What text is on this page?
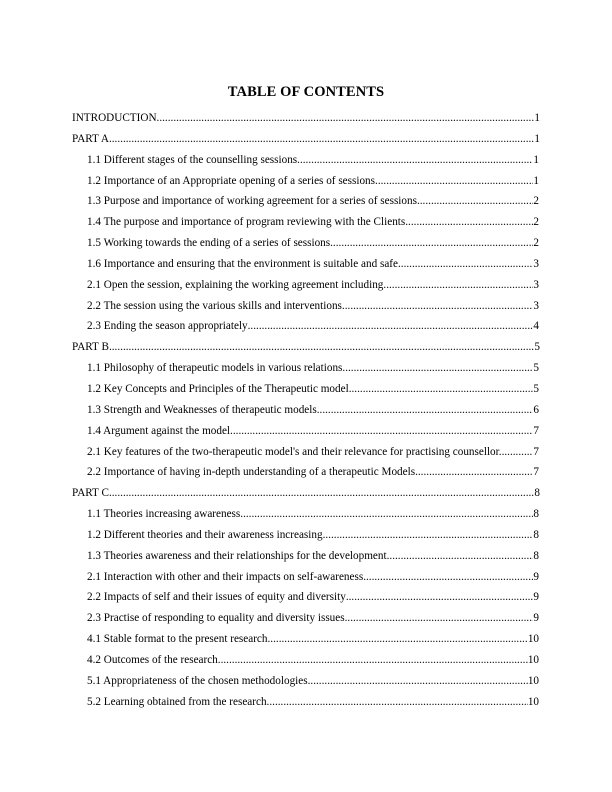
TABLE OF CONTENTS
INTRODUCTION .....	1
PART A .....	1
1.1 Different stages of the counselling sessions .....	1
1.2 Importance of an Appropriate opening of a series of sessions .....	1
1.3 Purpose and importance of working agreement for a series of sessions .....	2
1.4 The purpose and importance of program reviewing with the Clients .....	2
1.5 Working towards the ending of a series of sessions .....	2
1.6 Importance and ensuring that the environment is suitable and safe .....	3
2.1 Open the session, explaining the working agreement including .....	3
2.2 The session using the various skills and interventions .....	3
2.3 Ending the season appropriately .....	4
PART B .....	5
1.1 Philosophy of therapeutic models in various relations .....	5
1.2 Key Concepts and Principles of the Therapeutic model .....	5
1.3 Strength and Weaknesses of therapeutic models .....	6
1.4 Argument against the model .....	7
2.1 Key features of the two-therapeutic model's and their relevance for practising counsellor. .....	7
2.2 Importance of having in-depth understanding of a therapeutic Models .....	7
PART C .....	8
1.1 Theories increasing awareness .....	8
1.2 Different theories and their awareness increasing .....	8
1.3 Theories awareness and their relationships for the development .....	8
2.1 Interaction with other and their impacts on self-awareness .....	9
2.2 Impacts of self and their issues of equity and diversity .....	9
2.3 Practise of responding to equality and diversity issues .....	9
4.1 Stable format to the present research .....	10
4.2 Outcomes of the research .....	10
5.1 Appropriateness of the chosen methodologies .....	10
5.2 Learning obtained from the research .....	10
